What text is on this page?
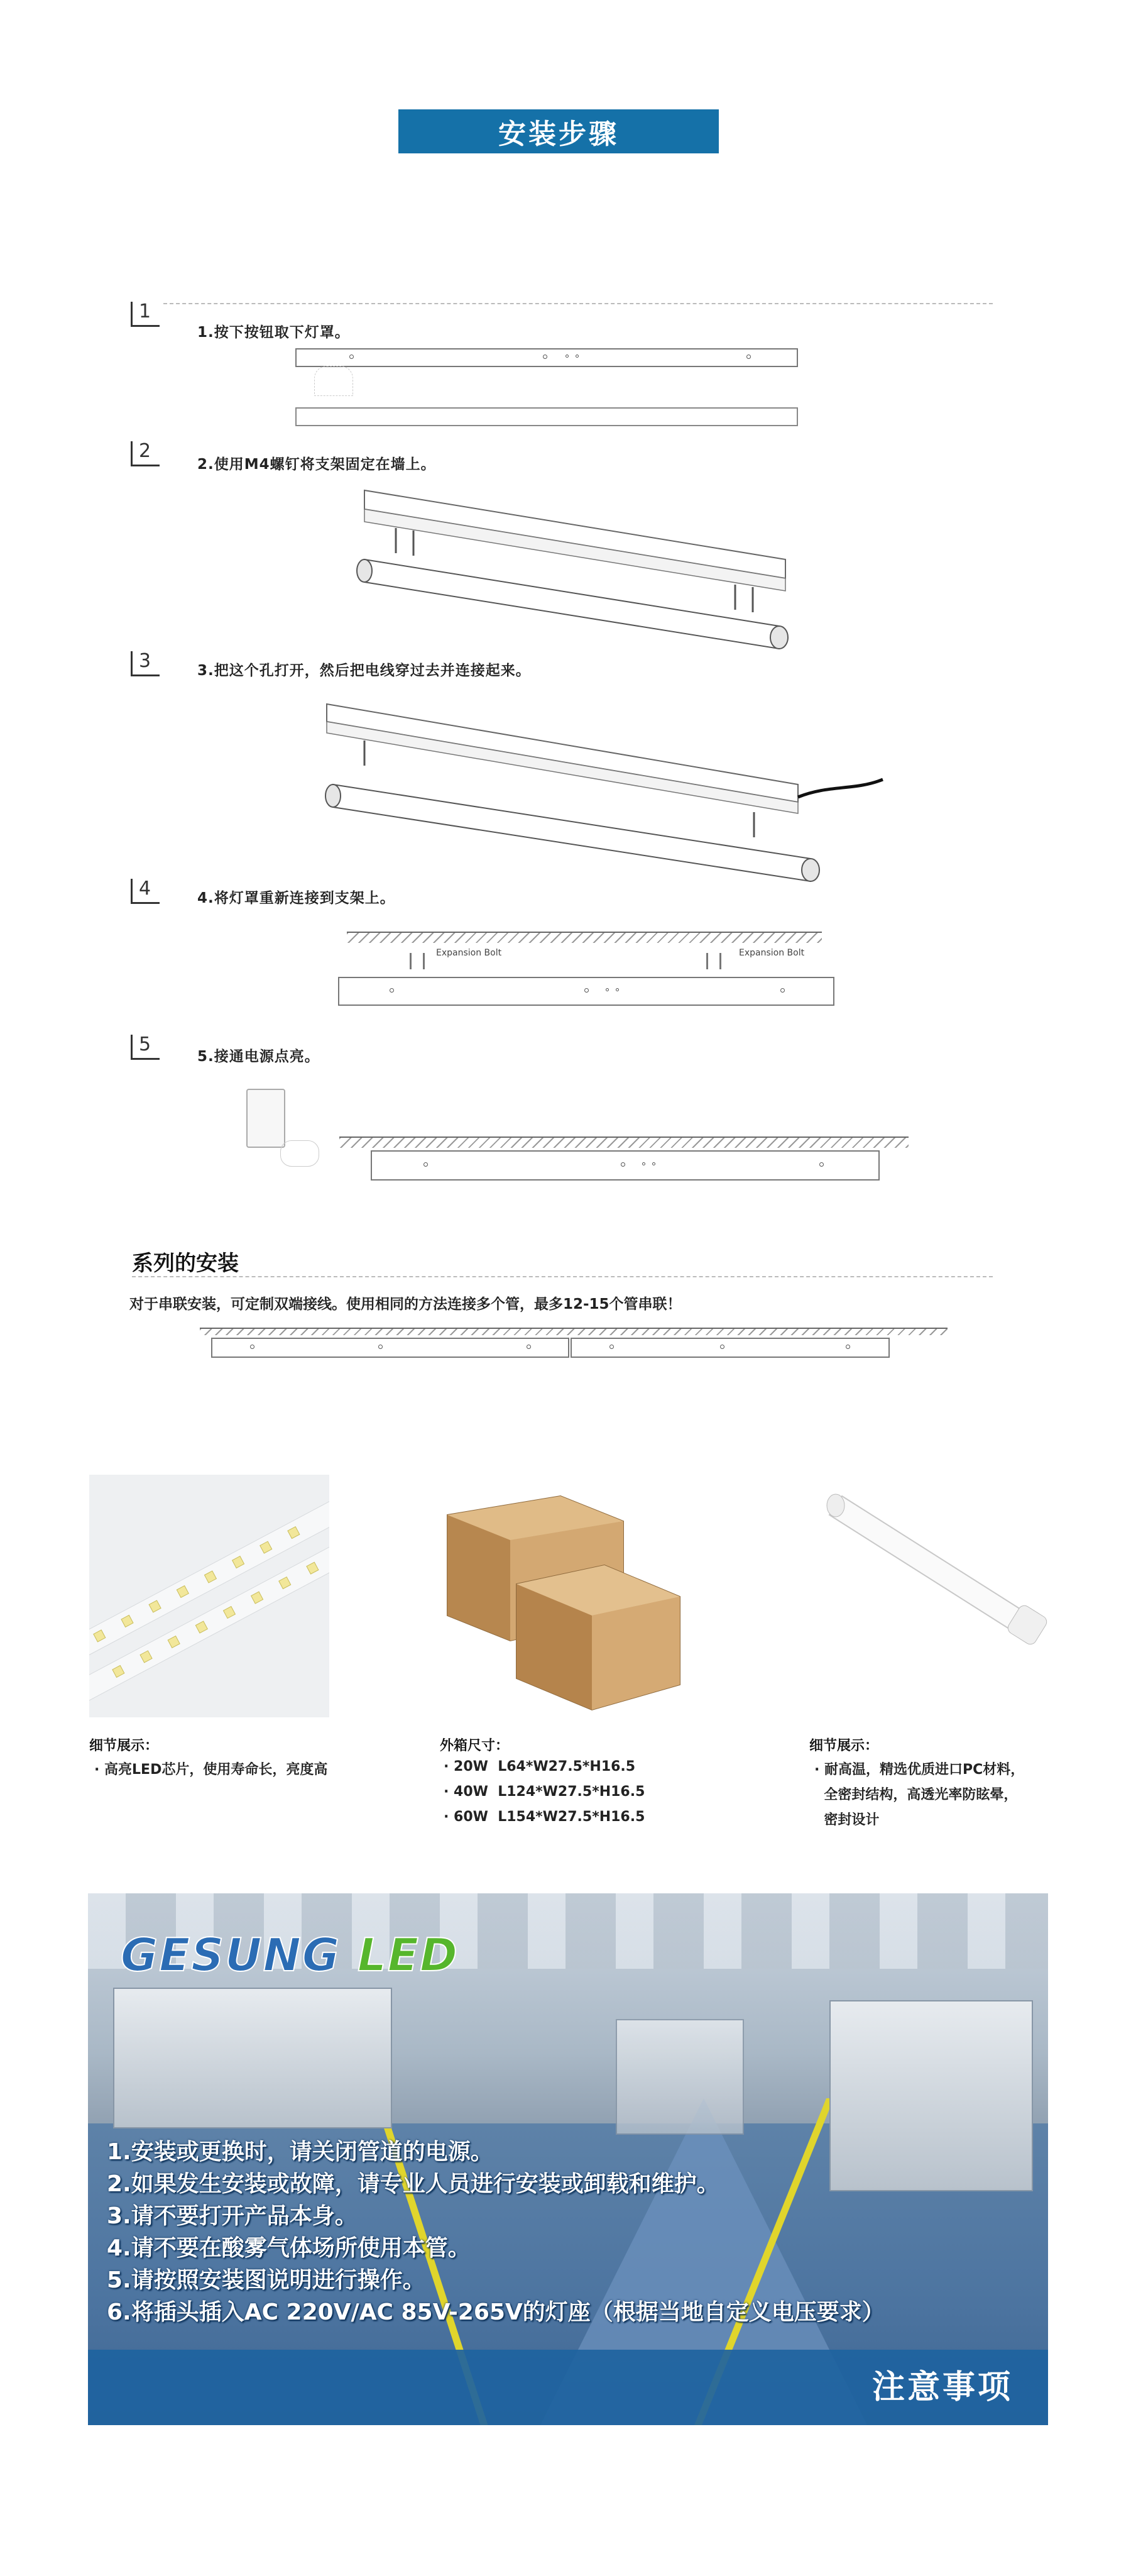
安装步骤
1
1.按下按钮取下灯罩。
2
2.使用M4螺钉将支架固定在墙上。
3	3.把这个孔打开，然后把电线穿过去并连接起来。
4	4.将灯罩重新连接到支架上。
Expansion Bolt	Expansion Bolt
5
5.接通电源点亮。
系列的安装
对于串联安装，可定制双端接线。使用相同的方法连接多个管，最多12-15个管串联！
细节展示：
· 高亮LED芯片，使用寿命长，亮度高
外箱尺寸：
· 20W  L64*W27.5*H16.5
· 40W  L124*W27.5*H16.5
· 60W  L154*W27.5*H16.5
细节展示：
· 耐高温，精选优质进口PC材料，
全密封结构，高透光率防眩晕，
密封设计
GESUNG LED
1.安装或更换时，请关闭管道的电源。
2.如果发生安装或故障，请专业人员进行安装或卸载和维护。
3.请不要打开产品本身。
4.请不要在酸雾气体场所使用本管。
5.请按照安装图说明进行操作。
6.将插头插入AC 220V/AC 85V-265V的灯座（根据当地自定义电压要求）
注意事项
